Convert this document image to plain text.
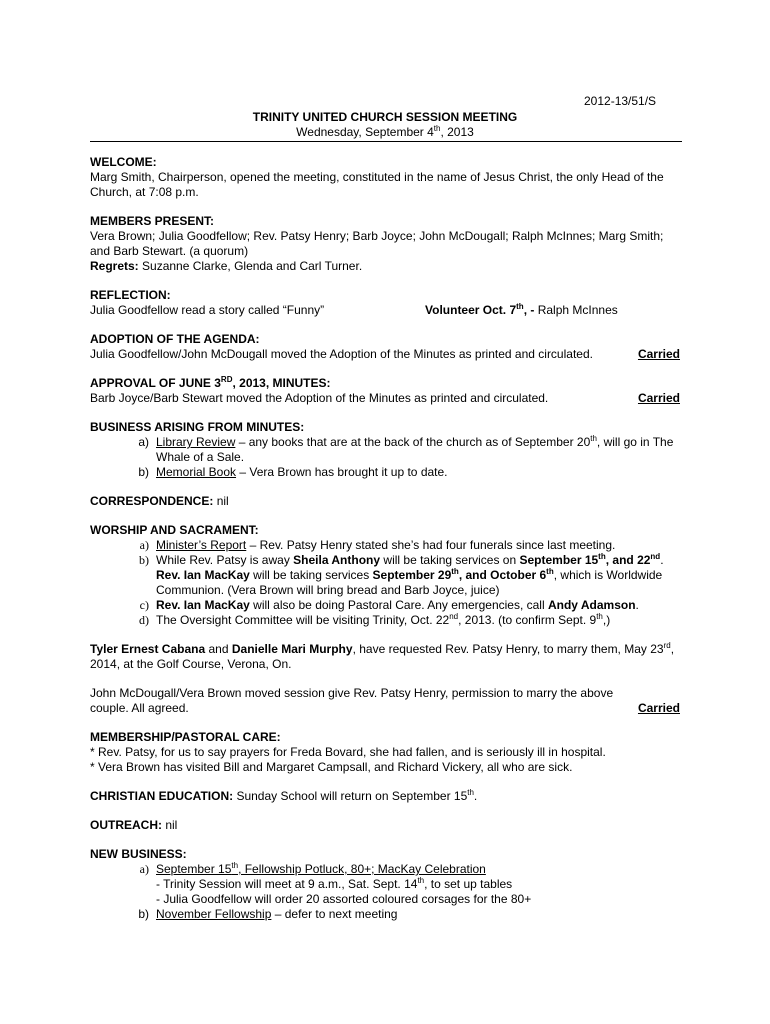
2012-13/51/S
TRINITY UNITED CHURCH SESSION MEETING
Wednesday, September 4th, 2013
WELCOME:
Marg Smith, Chairperson, opened the meeting, constituted in the name of Jesus Christ, the only Head of the Church, at 7:08 p.m.
MEMBERS PRESENT:
Vera Brown; Julia Goodfellow; Rev. Patsy Henry; Barb Joyce; John McDougall; Ralph McInnes; Marg Smith; and Barb Stewart. (a quorum)
Regrets: Suzanne Clarke, Glenda and Carl Turner.
REFLECTION:
Julia Goodfellow read a story called “Funny”	Volunteer Oct. 7th, - Ralph McInnes
ADOPTION OF THE AGENDA:
Julia Goodfellow/John McDougall moved the Adoption of the Minutes as printed and circulated.	Carried
APPROVAL OF JUNE 3RD, 2013, MINUTES:
Barb Joyce/Barb Stewart moved the Adoption of the Minutes as printed and circulated.	Carried
BUSINESS ARISING FROM MINUTES:
a) Library Review – any books that are at the back of the church as of September 20th, will go in The Whale of a Sale.
b) Memorial Book – Vera Brown has brought it up to date.
CORRESPONDENCE: nil
WORSHIP AND SACRAMENT:
a) Minister’s Report – Rev. Patsy Henry stated she’s had four funerals since last meeting.
b) While Rev. Patsy is away Sheila Anthony will be taking services on September 15th, and 22nd. Rev. Ian MacKay will be taking services September 29th, and October 6th, which is Worldwide Communion. (Vera Brown will bring bread and Barb Joyce, juice)
c) Rev. Ian MacKay will also be doing Pastoral Care. Any emergencies, call Andy Adamson.
d) The Oversight Committee will be visiting Trinity, Oct. 22nd, 2013. (to confirm Sept. 9th,)
Tyler Ernest Cabana and Danielle Mari Murphy, have requested Rev. Patsy Henry, to marry them, May 23rd, 2014, at the Golf Course, Verona, On.
John McDougall/Vera Brown moved session give Rev. Patsy Henry, permission to marry the above
couple. All agreed.	Carried
MEMBERSHIP/PASTORAL CARE:
* Rev. Patsy, for us to say prayers for Freda Bovard, she had fallen, and is seriously ill in hospital.
* Vera Brown has visited Bill and Margaret Campsall, and Richard Vickery, all who are sick.
CHRISTIAN EDUCATION: Sunday School will return on September 15th.
OUTREACH: nil
NEW BUSINESS:
a) September 15th, Fellowship Potluck, 80+; MacKay Celebration
- Trinity Session will meet at 9 a.m., Sat. Sept. 14th, to set up tables
- Julia Goodfellow will order 20 assorted coloured corsages for the 80+
b) November Fellowship – defer to next meeting
